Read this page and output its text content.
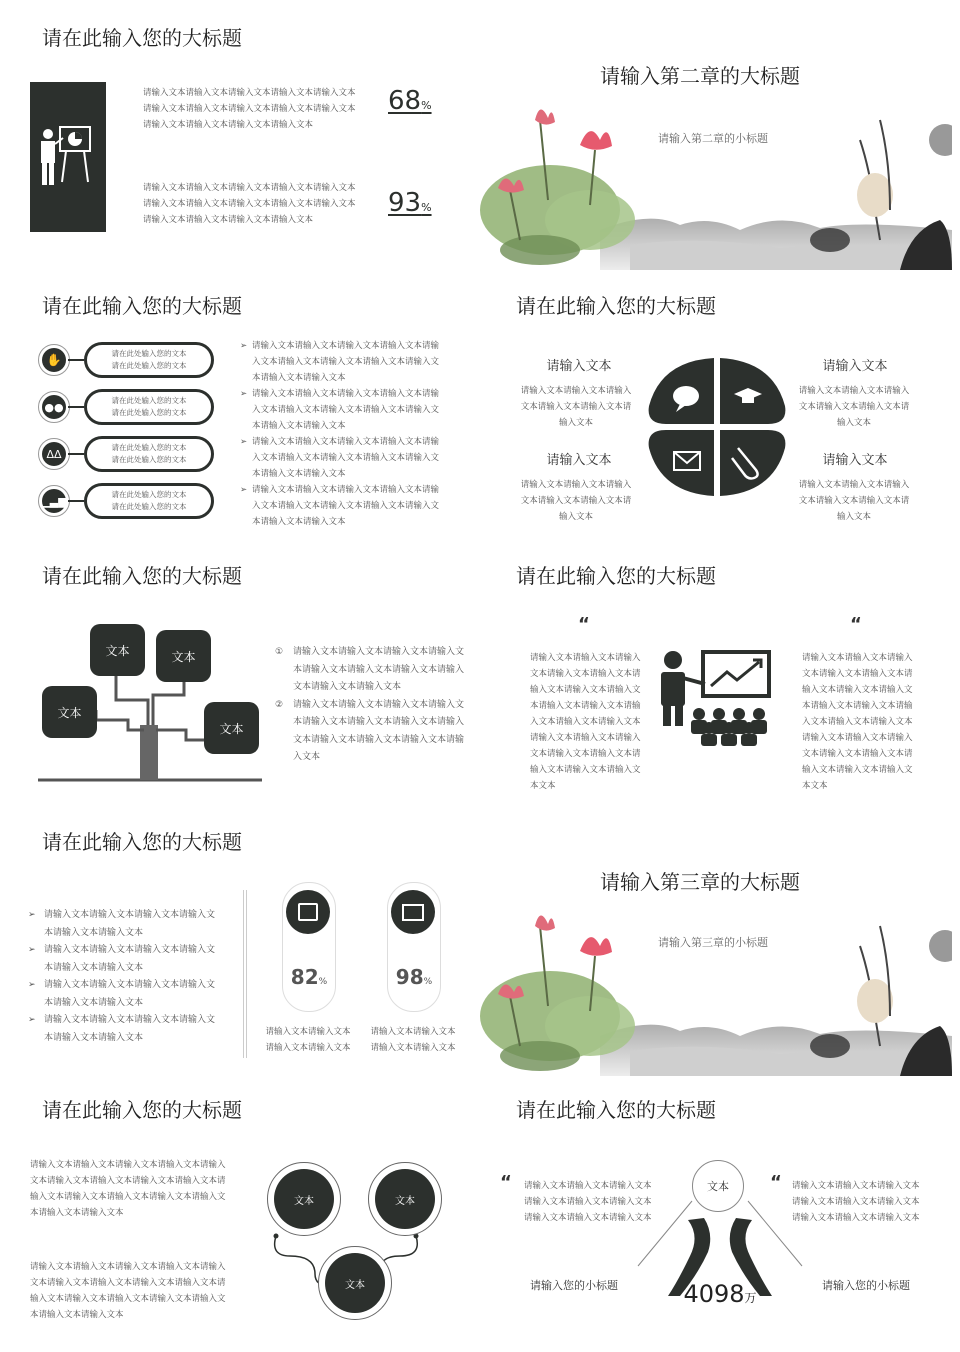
请在此输入您的大标题
请输入文本请输入文本请输入文本请输入文本请输入文本请输入文本请输入文本请输入文本请输入文本请输入文本请输入文本请输入文本请输入文本请输入文本
68%
请输入文本请输入文本请输入文本请输入文本请输入文本请输入文本请输入文本请输入文本请输入文本请输入文本请输入文本请输入文本请输入文本请输入文本
93%
请输入第二章的大标题
请输入第二章的小标题
请在此输入您的大标题
✋	请在此处输入您的文本
请在此处输入您的文本
●●	请在此处输入您的文本
请在此处输入您的文本
ᐃᐃ	请在此处输入您的文本
请在此处输入您的文本
▁▃▆	请在此处输入您的文本
请在此处输入您的文本
➢ 请输入文本请输入文本请输入文本请输入文本请输入文本请输入文本请输入文本请输入文本请输入文本请输入文本请输入文本
➢ 请输入文本请输入文本请输入文本请输入文本请输入文本请输入文本请输入文本请输入文本请输入文本请输入文本请输入文本
➢ 请输入文本请输入文本请输入文本请输入文本请输入文本请输入文本请输入文本请输入文本请输入文本请输入文本请输入文本
➢ 请输入文本请输入文本请输入文本请输入文本请输入文本请输入文本请输入文本请输入文本请输入文本请输入文本请输入文本
请在此输入您的大标题
请输入文本
请输入文本请输入文本请输入文本请输入文本请输入文本请输入文本
请输入文本
请输入文本请输入文本请输入文本请输入文本请输入文本请输入文本
请输入文本
请输入文本请输入文本请输入文本请输入文本请输入文本请输入文本
请输入文本
请输入文本请输入文本请输入文本请输入文本请输入文本请输入文本
请在此输入您的大标题
文本	文本
文本
文本
① 请输入文本请输入文本请输入文本请输入文本请输入文本请输入文本请输入文本请输入文本请输入文本请输入文本
② 请输入文本请输入文本请输入文本请输入文本请输入文本请输入文本请输入文本请输入文本请输入文本请输入文本请输入文本请输入文本
请在此输入您的大标题
“	“
请输入文本请输入文本请输入文本请输入文本请输入文本请输入文本请输入文本请输入文本请输入文本请输入文本请输入文本请输入文本请输入文本请输入文本请输入文本请输入文本请输入文本请输入文本请输入文本请输入文本请输入文本文本
请输入文本请输入文本请输入文本请输入文本请输入文本请输入文本请输入文本请输入文本请输入文本请输入文本请输入文本请输入文本请输入文本请输入文本请输入文本请输入文本请输入文本请输入文本请输入文本请输入文本请输入文本文本
请在此输入您的大标题
➢ 请输入文本请输入文本请输入文本请输入文本请输入文本请输入文本
➢ 请输入文本请输入文本请输入文本请输入文本请输入文本请输入文本
➢ 请输入文本请输入文本请输入文本请输入文本请输入文本请输入文本
➢ 请输入文本请输入文本请输入文本请输入文本请输入文本请输入文本
82%
请输入文本请输入文本
请输入文本请输入文本
98%
请输入文本请输入文本
请输入文本请输入文本
请输入第三章的大标题
请输入第三章的小标题
请在此输入您的大标题
请输入文本请输入文本请输入文本请输入文本请输入文本请输入文本请输入文本请输入文本请输入文本请输入文本请输入文本请输入文本请输入文本请输入文本请输入文本请输入文本
请输入文本请输入文本请输入文本请输入文本请输入文本请输入文本请输入文本请输入文本请输入文本请输入文本请输入文本请输入文本请输入文本请输入文本请输入文本请输入文本
文本	文本
文本
请在此输入您的大标题
“	“
请输入文本请输入文本请输入文本请输入文本请输入文本请输入文本请输入文本请输入文本请输入文本
请输入文本请输入文本请输入文本请输入文本请输入文本请输入文本请输入文本请输入文本请输入文本
请输入您的小标题	请输入您的小标题
文本
4098万
